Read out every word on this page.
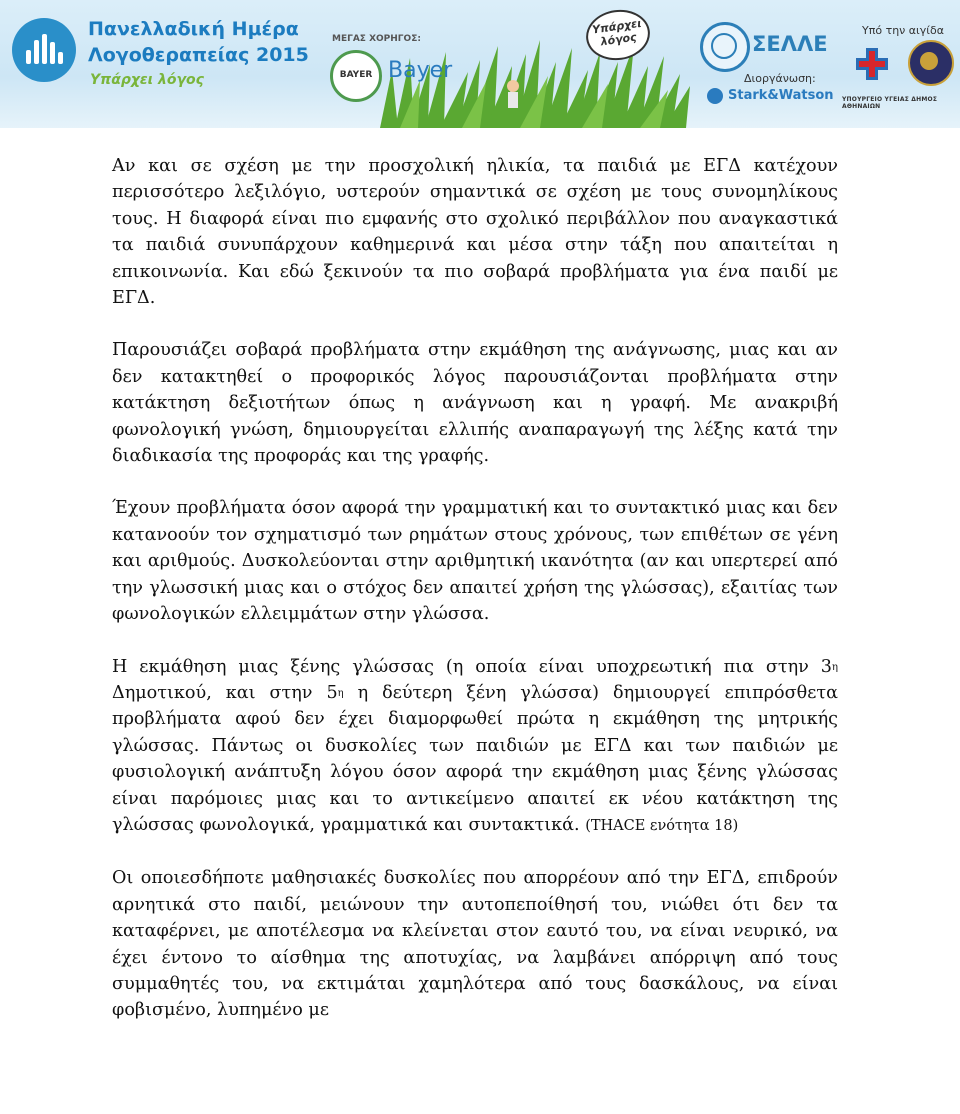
Πανελλαδική Ημέρα
Λογοθεραπείας 2015
Υπάρχει λόγος
ΜΕΓΑΣ ΧΟΡΗΓΟΣ:
BAYER Bayer
Υπάρχει λόγος	ΣΕΛΛΕ
Διοργάνωση:
Stark&Watson
Υπό την αιγίδα
ΥΠΟΥΡΓΕΙΟ ΥΓΕΙΑΣ ΔΗΜΟΣ ΑΘΗΝΑΙΩΝ

Αν και σε σχέση με την προσχολική ηλικία, τα παιδιά με ΕΓΔ κατέχουν περισσότερο λεξιλόγιο, υστερούν σημαντικά σε σχέση με τους συνομηλίκους τους. Η διαφορά είναι πιο εμφανής στο σχολικό περιβάλλον που αναγκαστικά τα παιδιά συνυπάρχουν καθημερινά και μέσα στην τάξη που απαιτείται η επικοινωνία. Και εδώ ξεκινούν τα πιο σοβαρά προβλήματα για ένα παιδί με ΕΓΔ.

Παρουσιάζει σοβαρά προβλήματα στην εκμάθηση της ανάγνωσης, μιας και αν δεν κατακτηθεί ο προφορικός λόγος παρουσιάζονται προβλήματα στην κατάκτηση δεξιοτήτων όπως η ανάγνωση και η γραφή. Με ανακριβή φωνολογική γνώση, δημιουργείται ελλιπής αναπαραγωγή της λέξης κατά την διαδικασία της προφοράς και της γραφής.

Έχουν προβλήματα όσον αφορά την γραμματική και το συντακτικό μιας και δεν κατανοούν τον σχηματισμό των ρημάτων στους χρόνους, των επιθέτων σε γένη και αριθμούς. Δυσκολεύονται στην αριθμητική ικανότητα (αν και υπερτερεί από την γλωσσική μιας και ο στόχος δεν απαιτεί χρήση της γλώσσας), εξαιτίας των φωνολογικών ελλειμμάτων στην γλώσσα.

Η εκμάθηση μιας ξένης γλώσσας (η οποία είναι υποχρεωτική πια στην $3^\eta$ Δημοτικού, και στην $5^\eta$ η δεύτερη ξένη γλώσσα) δημιουργεί επιπρόσθετα προβλήματα αφού δεν έχει διαμορφωθεί πρώτα η εκμάθηση της μητρικής γλώσσας. Πάντως οι δυσκολίες των παιδιών με ΕΓΔ και των παιδιών με φυσιολογική ανάπτυξη λόγου όσον αφορά την εκμάθηση μιας ξένης γλώσσας είναι παρόμοιες μιας και το αντικείμενο απαιτεί εκ νέου κατάκτηση της γλώσσας φωνολογικά, γραμματικά και συντακτικά. (THACE ενότητα 18)

Οι οποιεσδήποτε μαθησιακές δυσκολίες που απορρέουν από την ΕΓΔ, επιδρούν αρνητικά στο παιδί, μειώνουν την αυτοπεποίθησή του, νιώθει ότι δεν τα καταφέρνει, με αποτέλεσμα να κλείνεται στον εαυτό του, να είναι νευρικό, να έχει έντονο το αίσθημα της αποτυχίας, να λαμβάνει απόρριψη από τους συμμαθητές του, να εκτιμάται χαμηλότερα από τους δασκάλους, να είναι φοβισμένο, λυπημένο με
